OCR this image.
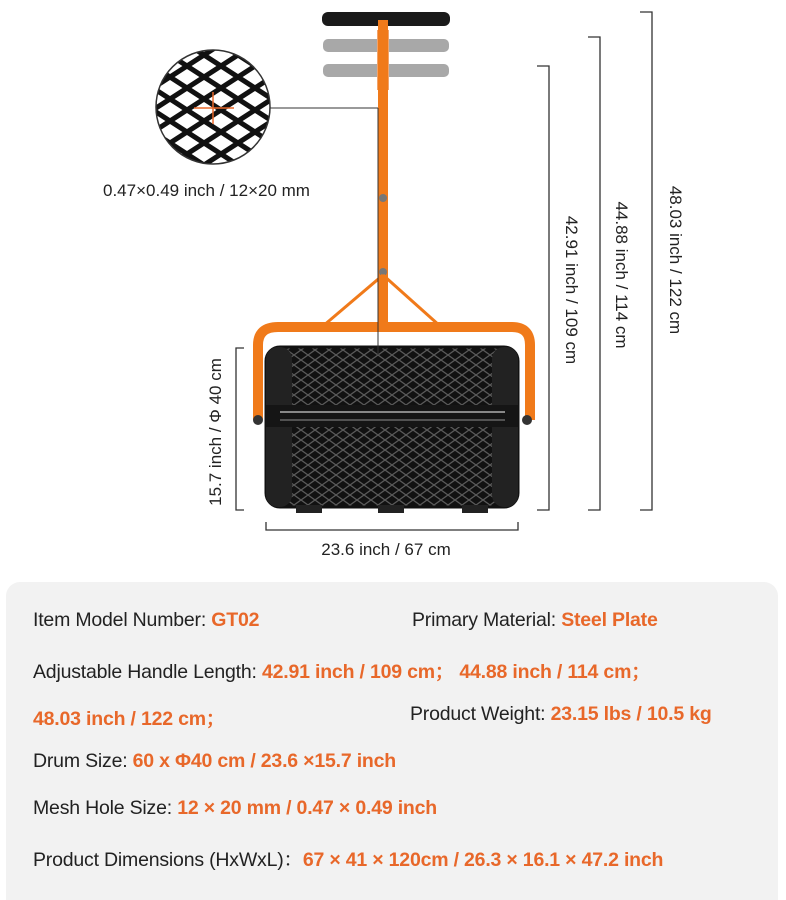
0.47×0.49 inch / 12×20 mm	48.03 inch / 122 cm
44.88 inch / 114 cm
42.91 inch / 109 cm
15.7 inch / Φ 40 cm
23.6 inch / 67 cm
Item Model Number: GT02	Primary Material: Steel Plate
Adjustable Handle Length: 42.91 inch / 109 cm； 44.88 inch / 114 cm；
48.03 inch / 122 cm；	Product Weight: 23.15 lbs / 10.5 kg
Drum Size: 60 x Φ40 cm / 23.6 ×15.7 inch
Mesh Hole Size: 12 × 20 mm / 0.47 × 0.49 inch
Product Dimensions (HxWxL)：67 × 41 × 120cm / 26.3 × 16.1 × 47.2 inch
